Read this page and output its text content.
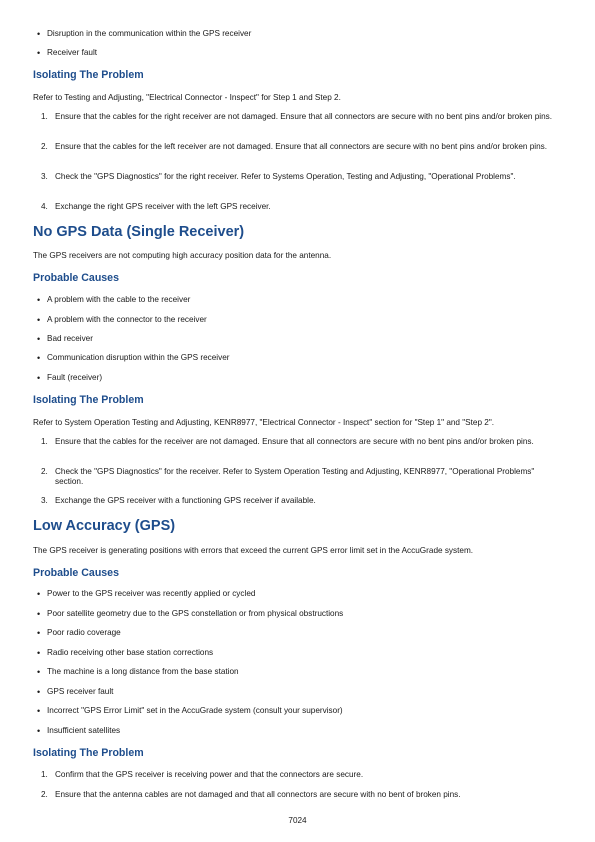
• Disruption in the communication within the GPS receiver
• Receiver fault
Isolating The Problem
Refer to Testing and Adjusting, "Electrical Connector - Inspect" for Step 1 and Step 2.
1. Ensure that the cables for the right receiver are not damaged. Ensure that all connectors are secure with no bent pins and/or broken pins.
2. Ensure that the cables for the left receiver are not damaged. Ensure that all connectors are secure with no bent pins and/or broken pins.
3. Check the "GPS Diagnostics" for the right receiver. Refer to Systems Operation, Testing and Adjusting, "Operational Problems".
4. Exchange the right GPS receiver with the left GPS receiver.
No GPS Data (Single Receiver)
The GPS receivers are not computing high accuracy position data for the antenna.
Probable Causes
• A problem with the cable to the receiver
• A problem with the connector to the receiver
• Bad receiver
• Communication disruption within the GPS receiver
• Fault (receiver)
Isolating The Problem
Refer to System Operation Testing and Adjusting, KENR8977, "Electrical Connector - Inspect" section for "Step 1" and "Step 2".
1. Ensure that the cables for the receiver are not damaged. Ensure that all connectors are secure with no bent pins and/or broken pins.
2. Check the "GPS Diagnostics" for the receiver. Refer to System Operation Testing and Adjusting, KENR8977, "Operational Problems" section.
3. Exchange the GPS receiver with a functioning GPS receiver if available.
Low Accuracy (GPS)
The GPS receiver is generating positions with errors that exceed the current GPS error limit set in the AccuGrade system.
Probable Causes
• Power to the GPS receiver was recently applied or cycled
• Poor satellite geometry due to the GPS constellation or from physical obstructions
• Poor radio coverage
• Radio receiving other base station corrections
• The machine is a long distance from the base station
• GPS receiver fault
• Incorrect "GPS Error Limit" set in the AccuGrade system (consult your supervisor)
• Insufficient satellites
Isolating The Problem
1. Confirm that the GPS receiver is receiving power and that the connectors are secure.
2. Ensure that the antenna cables are not damaged and that all connectors are secure with no bent of broken pins.
7024
